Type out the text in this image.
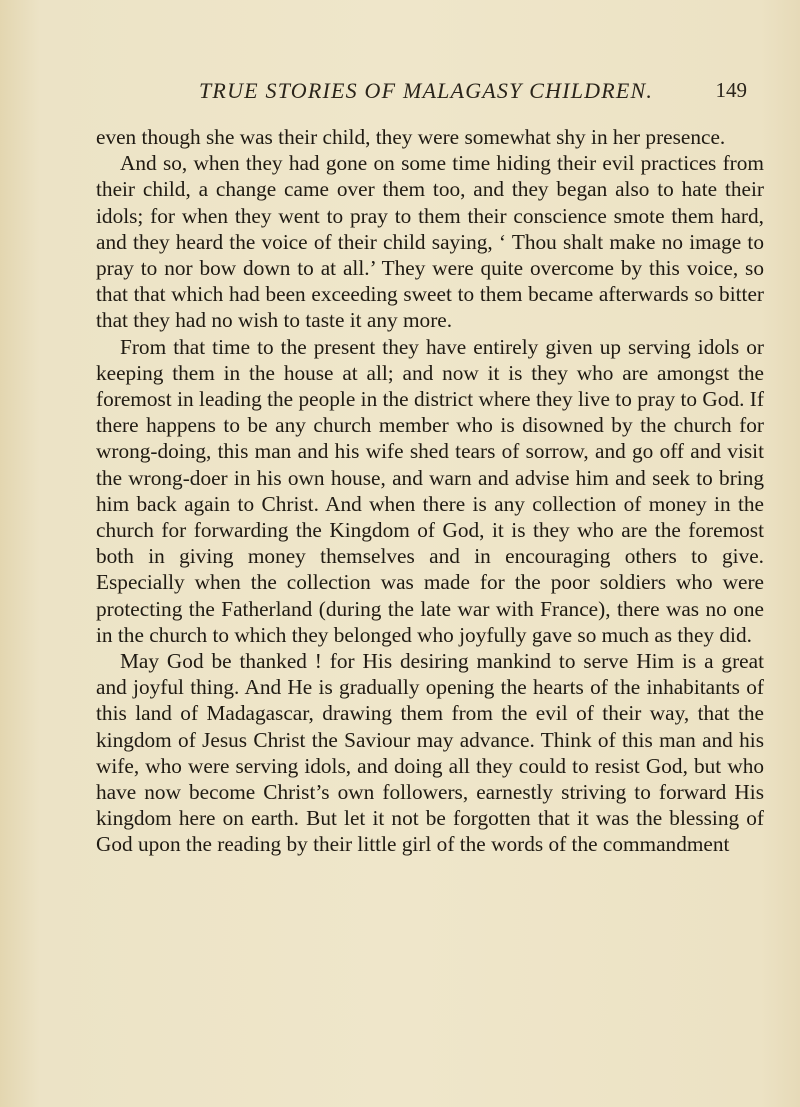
TRUE STORIES OF MALAGASY CHILDREN.	149

even though she was their child, they were somewhat shy in her presence.

And so, when they had gone on some time hiding their evil practices from their child, a change came over them too, and they began also to hate their idols; for when they went to pray to them their conscience smote them hard, and they heard the voice of their child saying, ‘ Thou shalt make no image to pray to nor bow down to at all.’ They were quite overcome by this voice, so that that which had been exceeding sweet to them became afterwards so bitter that they had no wish to taste it any more.

From that time to the present they have entirely given up serving idols or keeping them in the house at all; and now it is they who are amongst the foremost in leading the people in the district where they live to pray to God. If there happens to be any church member who is disowned by the church for wrong-doing, this man and his wife shed tears of sorrow, and go off and visit the wrong-doer in his own house, and warn and advise him and seek to bring him back again to Christ. And when there is any collection of money in the church for forwarding the Kingdom of God, it is they who are the foremost both in giving money themselves and in encouraging others to give. Especially when the collection was made for the poor soldiers who were protecting the Fatherland (during the late war with France), there was no one in the church to which they belonged who joyfully gave so much as they did.

May God be thanked ! for His desiring mankind to serve Him is a great and joyful thing. And He is gradually opening the hearts of the inhabitants of this land of Madagascar, drawing them from the evil of their way, that the kingdom of Jesus Christ the Saviour may advance. Think of this man and his wife, who were serving idols, and doing all they could to resist God, but who have now become Christ’s own followers, earnestly striving to forward His kingdom here on earth. But let it not be forgotten that it was the blessing of God upon the reading by their little girl of the words of the commandment
